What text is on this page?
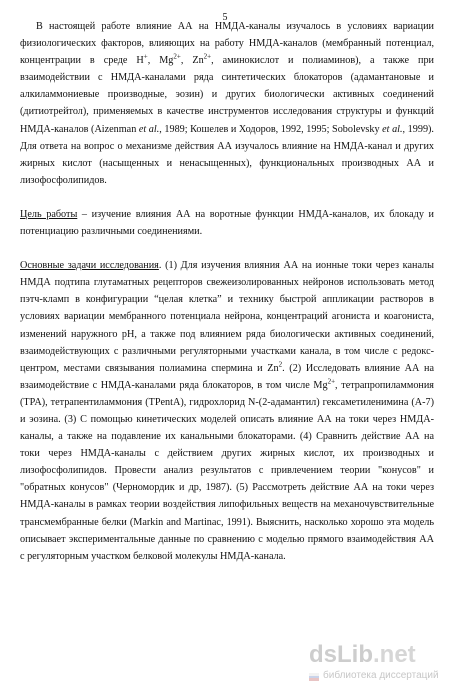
5

В настоящей работе влияние АА на НМДА-каналы изучалось в условиях вариации физиологических факторов, влияющих на работу НМДА-каналов (мембранный потенциал, концентрации в среде H+, $Mg^{2+}$, $Zn^{2+}$, аминокислот и полиаминов), а также при взаимодействии с НМДА-каналами ряда синтетических блокаторов (адамантановые и алкиламмониевые производные, эозин) и других биологически активных соединений (дитиотрейтол), применяемых в качестве инструментов исследования структуры и функций НМДА-каналов (Aizenman et al., 1989; Кошелев и Ходоров, 1992, 1995; Sobolevsky et al., 1999). Для ответа на вопрос о механизме действия АА изучалось влияние на НМДА-канал и других жирных кислот (насыщенных и ненасыщенных), функциональных производных АА и лизофосфолипидов.

Цель работы – изучение влияния АА на воротные функции НМДА-каналов, их блокаду и потенциацию различными соединениями.

Основные задачи исследования. (1) Для изучения влияния АА на ионные токи через каналы НМДА подтипа глутаматных рецепторов свежеизолированных нейронов использовать метод пэтч-кламп в конфигурации “целая клетка” и технику быстрой аппликации растворов в условиях вариации мембранного потенциала нейрона, концентраций агониста и коагониста, изменений наружного pH, а также под влиянием ряда биологически активных соединений, взаимодействующих с различными регуляторными участками канала, в том числе с редокс-центром, местами связывания полиамина спермина и Zn$^2$. (2) Исследовать влияние АА на взаимодействие с НМДА-каналами ряда блокаторов, в том числе $Mg^{2+}$, тетрапропиламмония (TPA), тетрапентиламмония (TPentA), гидрохлорид N-(2-адамантил) гексаметиленимина (А-7) и эозина. (3) С помощью кинетических моделей описать влияние АА на токи через НМДА-каналы, а также на подавление их канальными блокаторами. (4) Сравнить действие АА на токи через НМДА-каналы с действием других жирных кислот, их производных и лизофосфолипидов. Провести анализ результатов с привлечением теории "конусов" и "обратных конусов" (Черномордик и др, 1987). (5) Рассмотреть действие АА на токи через НМДА-каналы в рамках теории воздействия липофильных веществ на механочувствительные трансмембранные белки (Markin and Martinac, 1991). Выяснить, насколько хорошо эта модель описывает экспериментальные данные по сравнению с моделью прямого взаимодействия АА с регуляторным участком белковой молекулы НМДА-канала.

dsLib.net
библиотека диссертаций
